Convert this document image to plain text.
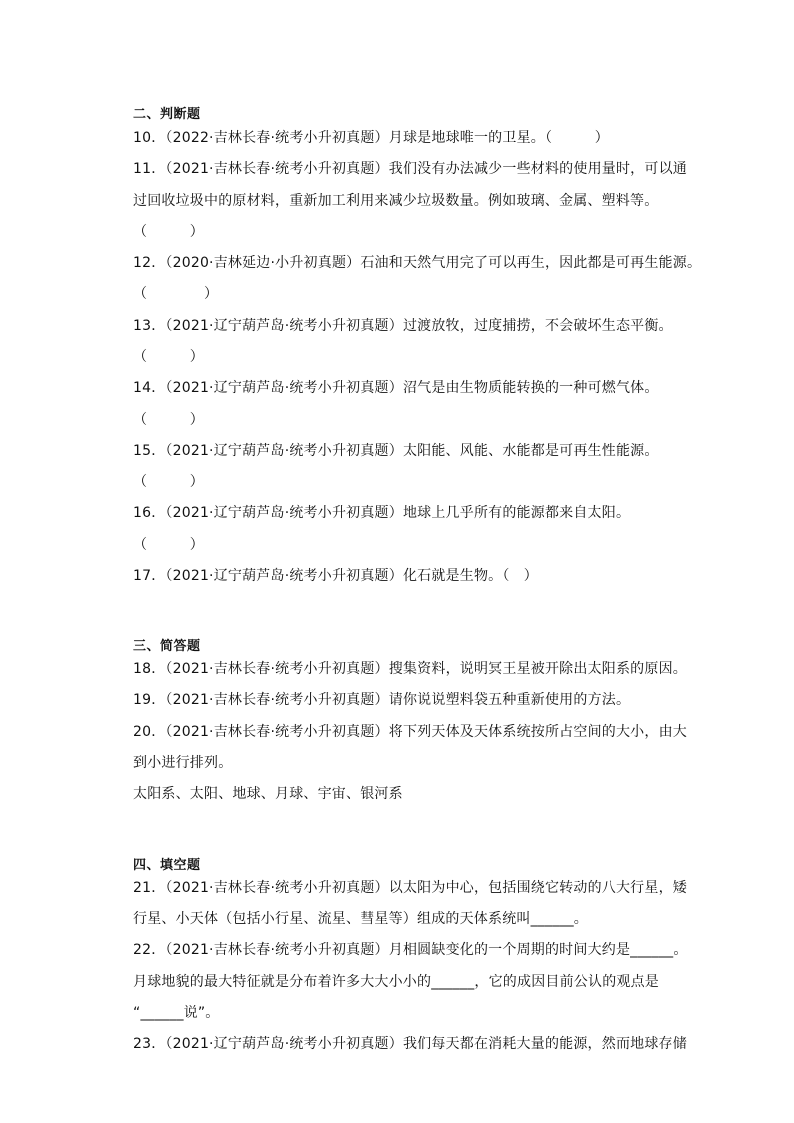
二、判断题
10．（2022·吉林长春·统考小升初真题）月球是地球唯一的卫星。（　　　）
11．（2021·吉林长春·统考小升初真题）我们没有办法减少一些材料的使用量时，可以通
过回收垃圾中的原材料，重新加工利用来减少垃圾数量。例如玻璃、金属、塑料等。
（　　　）
12．（2020·吉林延边·小升初真题）石油和天然气用完了可以再生，因此都是可再生能源。
（　　　　）
13．（2021·辽宁葫芦岛·统考小升初真题）过渡放牧，过度捕捞，不会破坏生态平衡。
（　　　）
14．（2021·辽宁葫芦岛·统考小升初真题）沼气是由生物质能转换的一种可燃气体。
（　　　）
15．（2021·辽宁葫芦岛·统考小升初真题）太阳能、风能、水能都是可再生性能源。
（　　　）
16．（2021·辽宁葫芦岛·统考小升初真题）地球上几乎所有的能源都来自太阳。
（　　　）
17．（2021·辽宁葫芦岛·统考小升初真题）化石就是生物。（　）
三、简答题
18．（2021·吉林长春·统考小升初真题）搜集资料，说明冥王星被开除出太阳系的原因。
19．（2021·吉林长春·统考小升初真题）请你说说塑料袋五种重新使用的方法。
20．（2021·吉林长春·统考小升初真题）将下列天体及天体系统按所占空间的大小，由大
到小进行排列。
太阳系、太阳、地球、月球、宇宙、银河系
四、填空题
21．（2021·吉林长春·统考小升初真题）以太阳为中心，包括围绕它转动的八大行星，矮
行星、小天体（包括小行星、流星、彗星等）组成的天体系统叫______。
22．（2021·吉林长春·统考小升初真题）月相圆缺变化的一个周期的时间大约是______。
月球地貌的最大特征就是分布着许多大大小小的______，它的成因目前公认的观点是
“______说”。
23．（2021·辽宁葫芦岛·统考小升初真题）我们每天都在消耗大量的能源，然而地球存储
